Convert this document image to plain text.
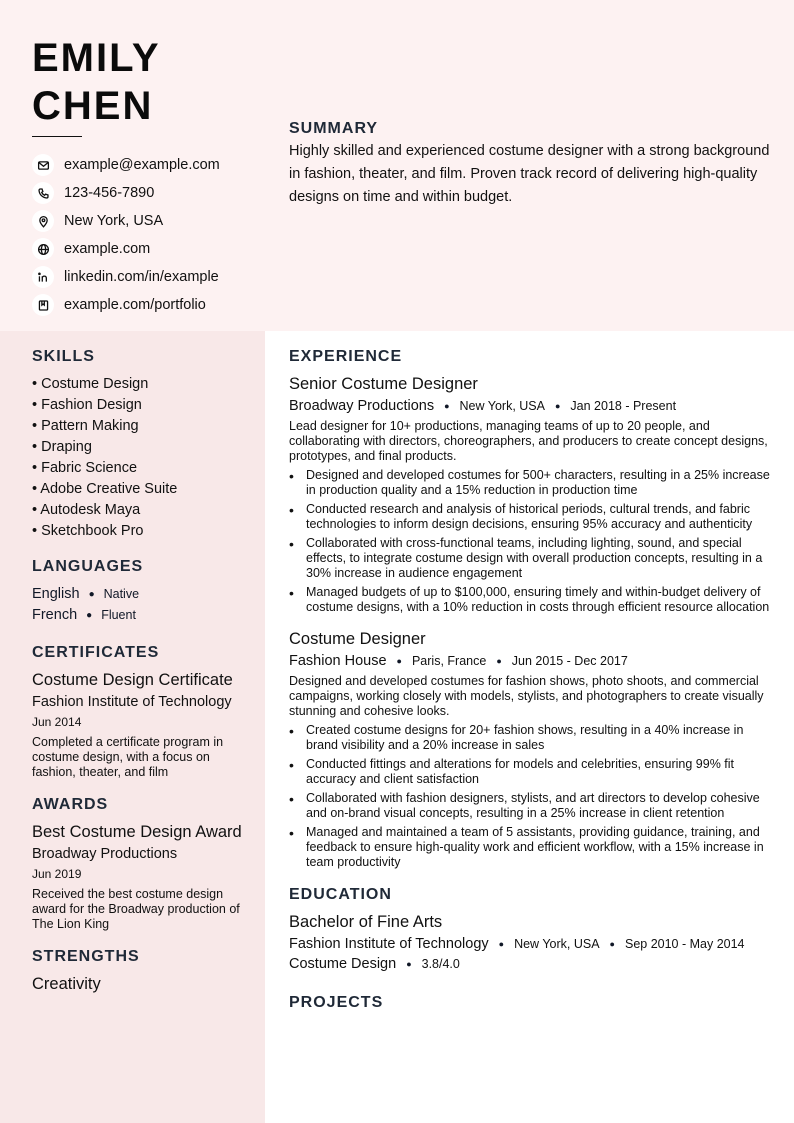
EMILY
CHEN
example@example.com
123-456-7890
New York, USA
example.com
linkedin.com/in/example
example.com/portfolio
SKILLS
• Costume Design
• Fashion Design
• Pattern Making
• Draping
• Fabric Science
• Adobe Creative Suite
• Autodesk Maya
• Sketchbook Pro
LANGUAGES
English ● Native
French ● Fluent
CERTIFICATES
Costume Design Certificate
Fashion Institute of Technology
Jun 2014
Completed a certificate program in costume design, with a focus on fashion, theater, and film
AWARDS
Best Costume Design Award
Broadway Productions
Jun 2019
Received the best costume design award for the Broadway production of The Lion King
STRENGTHS
Creativity
SUMMARY
Highly skilled and experienced costume designer with a strong background in fashion, theater, and film. Proven track record of delivering high-quality designs on time and within budget.
EXPERIENCE
Senior Costume Designer
Broadway Productions ● New York, USA ● Jan 2018 - Present
Lead designer for 10+ productions, managing teams of up to 20 people, and collaborating with directors, choreographers, and producers to create concept designs, prototypes, and final products.
• Designed and developed costumes for 500+ characters, resulting in a 25% increase in production quality and a 15% reduction in production time
• Conducted research and analysis of historical periods, cultural trends, and fabric technologies to inform design decisions, ensuring 95% accuracy and authenticity
• Collaborated with cross-functional teams, including lighting, sound, and special effects, to integrate costume design with overall production concepts, resulting in a 30% increase in audience engagement
• Managed budgets of up to $100,000, ensuring timely and within-budget delivery of costume designs, with a 10% reduction in costs through efficient resource allocation
Costume Designer
Fashion House ● Paris, France ● Jun 2015 - Dec 2017
Designed and developed costumes for fashion shows, photo shoots, and commercial campaigns, working closely with models, stylists, and photographers to create visually stunning and cohesive looks.
• Created costume designs for 20+ fashion shows, resulting in a 40% increase in brand visibility and a 20% increase in sales
• Conducted fittings and alterations for models and celebrities, ensuring 99% fit accuracy and client satisfaction
• Collaborated with fashion designers, stylists, and art directors to develop cohesive and on-brand visual concepts, resulting in a 25% increase in client retention
• Managed and maintained a team of 5 assistants, providing guidance, training, and feedback to ensure high-quality work and efficient workflow, with a 15% increase in team productivity
EDUCATION
Bachelor of Fine Arts
Fashion Institute of Technology ● New York, USA ● Sep 2010 - May 2014
Costume Design ● 3.8/4.0
PROJECTS
